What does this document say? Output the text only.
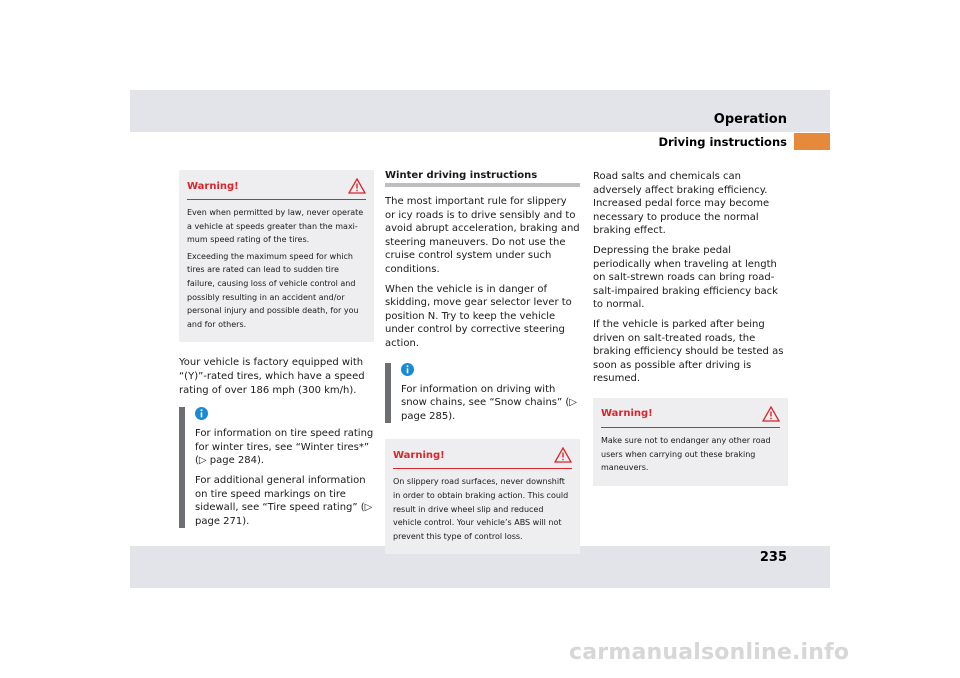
Operation
Driving instructions
235
Warning!

Even when permitted by law, never operate a vehicle at speeds greater than the maxi-mum speed rating of the tires.

Exceeding the maximum speed for which tires are rated can lead to sudden tire failure, causing loss of vehicle control and possibly resulting in an accident and/or personal injury and possible death, for you and for others.

Your vehicle is factory equipped with “(Y)”-rated tires, which have a speed rating of over 186 mph (300 km/h).

For information on tire speed rating for winter tires, see “Winter tires*” (▷ page 284).

For additional general information on tire speed markings on tire sidewall, see “Tire speed rating” (▷ page 271).

Winter driving instructions

The most important rule for slippery or icy roads is to drive sensibly and to avoid abrupt acceleration, braking and steering maneuvers. Do not use the cruise control system under such conditions.

When the vehicle is in danger of skidding, move gear selector lever to position N. Try to keep the vehicle under control by corrective steering action.

For information on driving with snow chains, see “Snow chains” (▷ page 285).

Warning!

On slippery road surfaces, never downshift in order to obtain braking action. This could result in drive wheel slip and reduced vehicle control. Your vehicle’s ABS will not prevent this type of control loss.

Road salts and chemicals can adversely affect braking efficiency. Increased pedal force may become necessary to produce the normal braking effect.

Depressing the brake pedal periodically when traveling at length on salt-strewn roads can bring road-salt-impaired braking efficiency back to normal.

If the vehicle is parked after being driven on salt-treated roads, the braking efficiency should be tested as soon as possible after driving is resumed.

Warning!

Make sure not to endanger any other road users when carrying out these braking maneuvers.

carmanualsonline.info
